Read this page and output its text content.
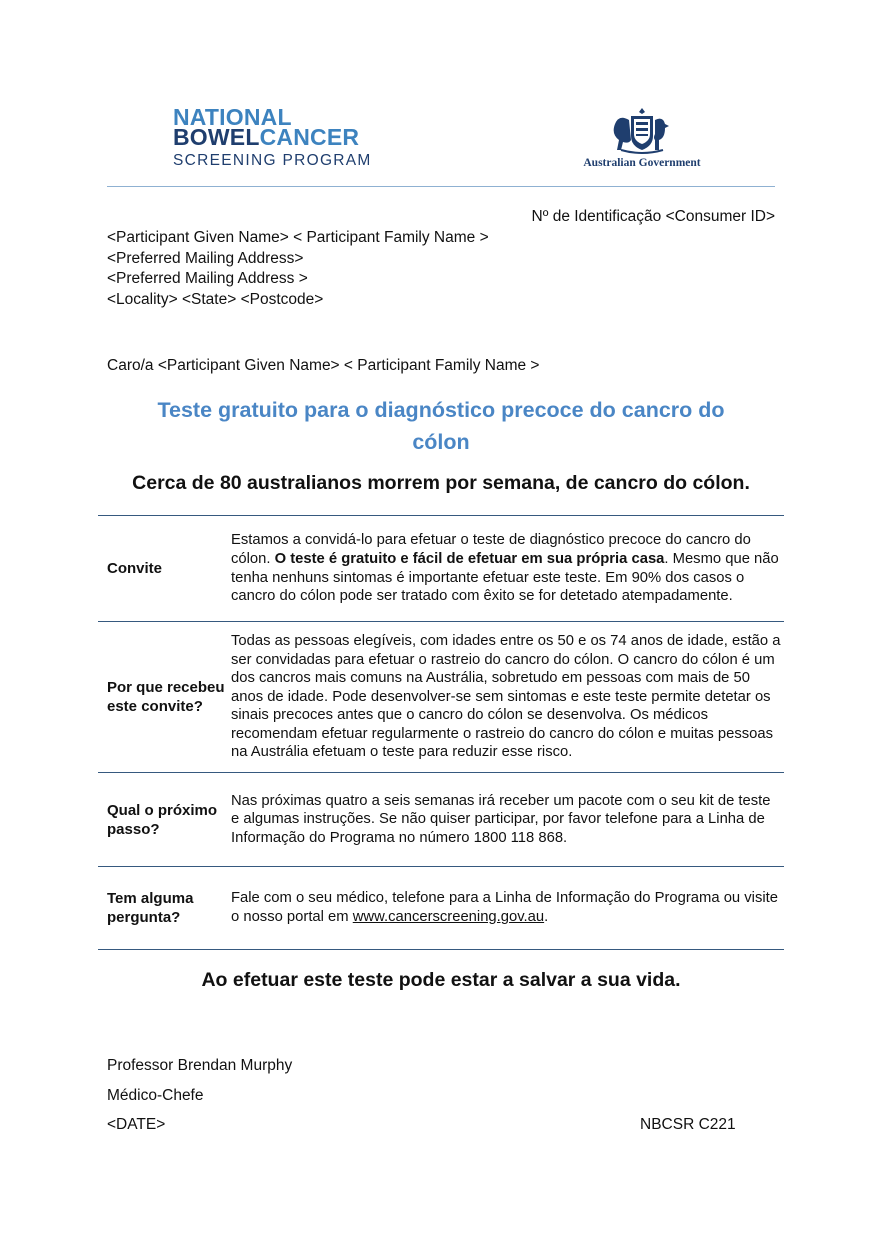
NATIONAL
BOWELCANCER
SCREENING PROGRAM	Australian Government
Nº de Identificação <Consumer ID>
<Participant Given Name> < Participant Family Name >
<Preferred Mailing Address>
<Preferred Mailing Address >
<Locality> <State> <Postcode>
Caro/a <Participant Given Name> < Participant Family Name >
Teste gratuito para o diagnóstico precoce do cancro do
cólon
Cerca de 80 australianos morrem por semana, de cancro do cólon.
Convite
Estamos a convidá-lo para efetuar o teste de diagnóstico precoce do cancro do cólon. O teste é gratuito e fácil de efetuar em sua própria casa. Mesmo que não tenha nenhuns sintomas é importante efetuar este teste. Em 90% dos casos o cancro do cólon pode ser tratado com êxito se for detetado atempadamente.
Por que recebeu este convite?
Todas as pessoas elegíveis, com idades entre os 50 e os 74 anos de idade, estão a ser convidadas para efetuar o rastreio do cancro do cólon. O cancro do cólon é um dos cancros mais comuns na Austrália, sobretudo em pessoas com mais de 50 anos de idade. Pode desenvolver-se sem sintomas e este teste permite detetar os sinais precoces antes que o cancro do cólon se desenvolva. Os médicos recomendam efetuar regularmente o rastreio do cancro do cólon e muitas pessoas na Austrália efetuam o teste para reduzir esse risco.
Qual o próximo passo?
Nas próximas quatro a seis semanas irá receber um pacote com o seu kit de teste e algumas instruções. Se não quiser participar, por favor telefone para a Linha de Informação do Programa no número 1800 118 868.
Tem alguma pergunta?
Fale com o seu médico, telefone para a Linha de Informação do Programa ou visite o nosso portal em www.cancerscreening.gov.au.
Ao efetuar este teste pode estar a salvar a sua vida.
Professor Brendan Murphy
Médico-Chefe
<DATE>	NBCSR C221
